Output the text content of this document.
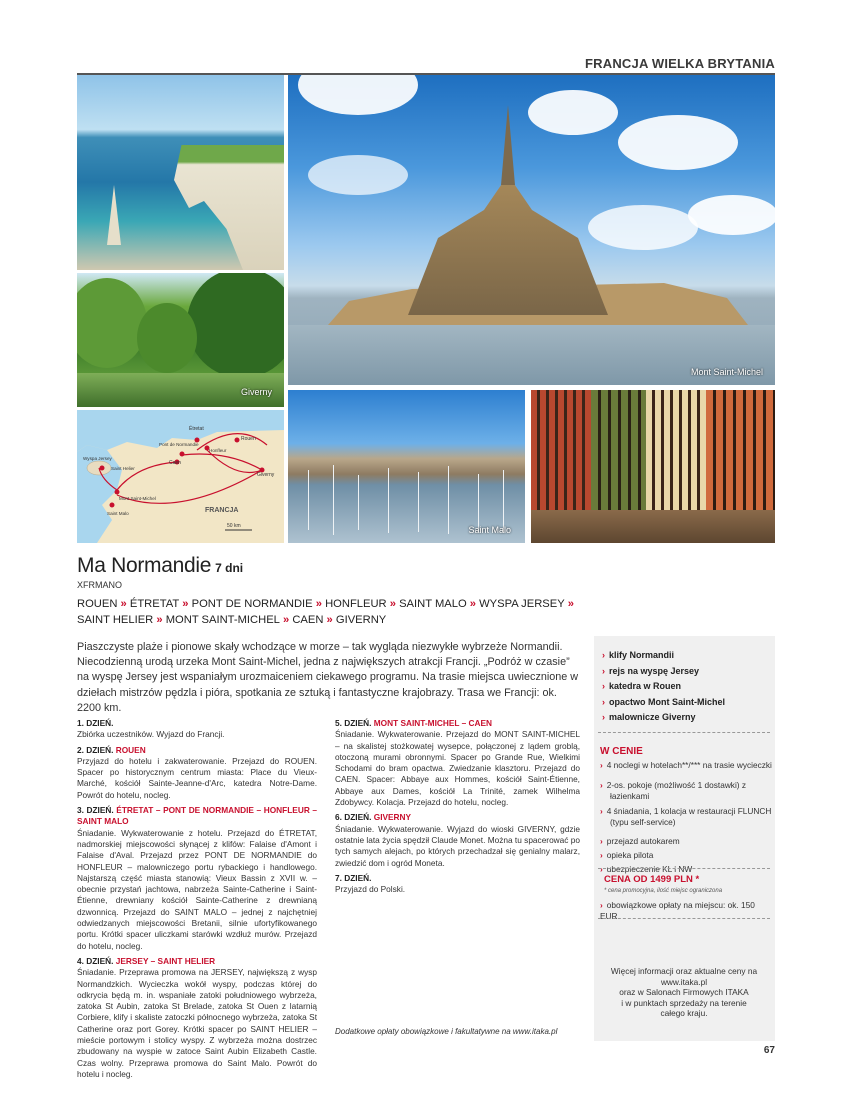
FRANCJA WIELKA BRYTANIA
Giverny
Mont Saint-Michel
Étretat
Pont de Normandie
Honfleur
Rouen
Caen
Giverny
Wyspa Jersey
Saint Helier
Mont Saint-Michel
Saint Malo	FRANCJA
50 km	Saint Malo
Ma Normandie 7 dni
XFRMANO
ROUEN » ÉTRETAT » PONT DE NORMANDIE » HONFLEUR » SAINT MALO » WYSPA JERSEY » SAINT HELIER » MONT SAINT-MICHEL » CAEN » GIVERNY
Piaszczyste plaże i pionowe skały wchodzące w morze – tak wygląda niezwykłe wybrzeże Normandii. Niecodzienną urodą urzeka Mont Saint-Michel, jedna z największych atrakcji Francji. „Podróż w czasie” na wyspę Jersey jest wspaniałym urozmaiceniem ciekawego programu. Na trasie miejsca uwiecznione w dziełach mistrzów pędzla i pióra, spotkania ze sztuką i fantastyczne krajobrazy. Trasa we Francji: ok. 2200 km.
1. DZIEŃ.
Zbiórka uczestników. Wyjazd do Francji.
2. DZIEŃ. ROUEN
Przyjazd do hotelu i zakwaterowanie. Przejazd do ROUEN. Spacer po historycznym centrum miasta: Place du Vieux-Marché, kościół Sainte-Jeanne-d'Arc, katedra Notre-Dame. Powrót do hotelu, nocleg.
3. DZIEŃ. ÉTRETAT – PONT DE NORMANDIE – HONFLEUR – SAINT MALO
Śniadanie. Wykwaterowanie z hotelu. Przejazd do ÉTRETAT, nadmorskiej miejscowości słynącej z klifów: Falaise d'Amont i Falaise d'Aval. Przejazd przez PONT DE NORMANDIE do HONFLEUR – malowniczego portu rybackiego i handlowego. Najstarszą część miasta stanowią: Vieux Bassin z XVII w. – obecnie przystań jachtowa, nabrzeża Sainte-Catherine i Saint-Étienne, drewniany kościół Sainte-Catherine z drewnianą dzwonnicą. Przejazd do SAINT MALO – jednej z najchętniej odwiedzanych miejscowości Bretanii, silnie ufortyfikowanego portu. Krótki spacer uliczkami starówki wzdłuż murów. Przejazd do hotelu, nocleg.
4. DZIEŃ. JERSEY – SAINT HELIER
Śniadanie. Przeprawa promowa na JERSEY, największą z wysp Normandzkich. Wycieczka wokół wyspy, podczas której do odkrycia będą m. in. wspaniałe zatoki południowego wybrzeża, zatoka St Aubin, zatoka St Brelade, zatoka St Ouen z latarnią Corbiere, klify i skaliste zatoczki północnego wybrzeża, zatoka St Catherine oraz port Gorey. Krótki spacer po SAINT HELIER – mieście portowym i stolicy wyspy. Z wybrzeża można dostrzec zbudowany na wyspie w zatoce Saint Aubin Elizabeth Castle. Czas wolny. Przeprawa promowa do Saint Malo. Powrót do hotelu i nocleg.
5. DZIEŃ. MONT SAINT-MICHEL – CAEN
Śniadanie. Wykwaterowanie. Przejazd do MONT SAINT-MICHEL – na skalistej stożkowatej wysepce, połączonej z lądem groblą, otoczoną murami obronnymi. Spacer po Grande Rue, Wielkimi Schodami do bram opactwa. Zwiedzanie klasztoru. Przejazd do CAEN. Spacer: Abbaye aux Hommes, kościół Saint-Étienne, Abbaye aux Dames, kościół La Trinité, zamek Wilhelma Zdobywcy. Kolacja. Przejazd do hotelu, nocleg.
6. DZIEŃ. GIVERNY
Śniadanie. Wykwaterowanie. Wyjazd do wioski GIVERNY, gdzie ostatnie lata życia spędził Claude Monet. Można tu spacerować po tych samych alejach, po których przechadzał się genialny malarz, zwiedzić dom i ogród Moneta.
7. DZIEŃ.
Przyjazd do Polski.
Dodatkowe opłaty obowiązkowe i fakultatywne na www.itaka.pl
› klify Normandii
› rejs na wyspę Jersey
› katedra w Rouen
› opactwo Mont Saint-Michel
› malownicze Giverny
W CENIE
› 4 noclegi w hotelach**/*** na trasie wycieczki
› 2-os. pokoje (możliwość 1 dostawki) z łazienkami
› 4 śniadania, 1 kolacja w restauracji FLUNCH (typu self-service)
› przejazd autokarem
› opieka pilota
› ubezpieczenie KL i NW
CENA OD 1499 PLN *
* cena promocyjna, ilość miejsc ograniczona
› obowiązkowe opłaty na miejscu: ok. 150 EUR
Więcej informacji oraz aktualne ceny na
www.itaka.pl
oraz w Salonach Firmowych ITAKA
i w punktach sprzedaży na terenie
całego kraju.
67
